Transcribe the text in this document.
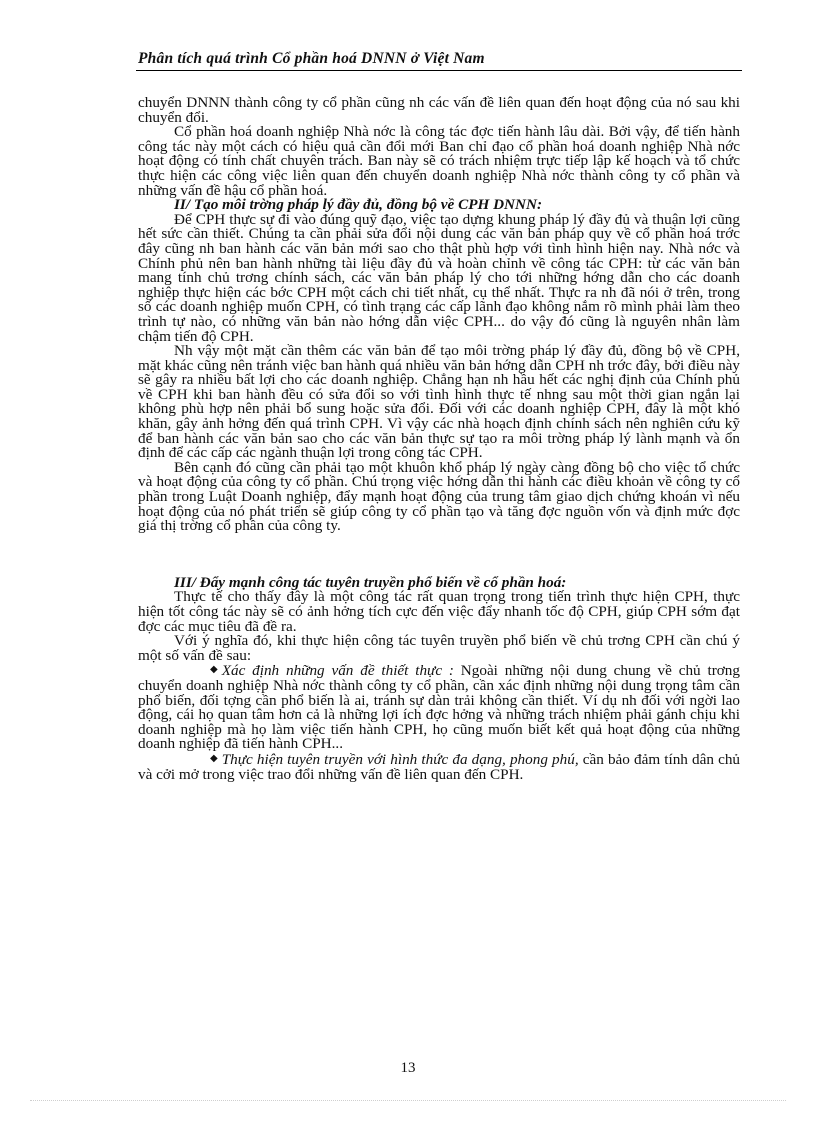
Phân tích quá trình Cổ phần hoá DNNN ở Việt Nam

chuyển DNNN thành công ty cổ phần cũng nh các vấn đề liên quan đến hoạt động của nó sau khi chuyển đổi.

Cổ phần hoá doanh nghiệp Nhà nớc là công tác đợc tiến hành lâu dài. Bởi vậy, để tiến hành công tác này một cách có hiệu quả cần đổi mới Ban chỉ đạo cổ phần hoá doanh nghiệp Nhà nớc hoạt động có tính chất chuyên trách. Ban này sẽ có trách nhiệm trực tiếp lập kế hoạch và tổ chức thực hiện các công việc liên quan đến chuyển doanh nghiệp Nhà nớc thành công ty cổ phần và những vấn đề hậu cổ phần hoá.

II/ Tạo môi trờng pháp lý đầy đủ, đồng bộ về CPH DNNN:

Để CPH thực sự đi vào đúng quỹ đạo, việc tạo dựng khung pháp lý đầy đủ và thuận lợi cũng hết sức cần thiết. Chúng ta cần phải sửa đổi nội dung các văn bản pháp quy về cổ phần hoá trớc đây cũng nh ban hành các văn bản mới sao cho thật phù hợp với tình hình hiện nay. Nhà nớc và Chính phủ nên ban hành những tài liệu đầy đủ và hoàn chỉnh về công tác CPH: từ các văn bản mang tính chủ trơng chính sách, các văn bản pháp lý cho tới những hớng dẫn cho các doanh nghiệp thực hiện các bớc CPH một cách chi tiết nhất, cụ thể nhất. Thực ra nh đã nói ở trên, trong số các doanh nghiệp muốn CPH, có tình trạng các cấp lãnh đạo không nắm rõ mình phải làm theo trình tự nào, có những văn bản nào hớng dẫn việc CPH... do vậy đó cũng là nguyên nhân làm chậm tiến độ CPH.

Nh vậy một mặt cần thêm các văn bản để tạo môi trờng pháp lý đầy đủ, đồng bộ về CPH, mặt khác cũng nên tránh việc ban hành quá nhiều văn bản hớng dẫn CPH nh trớc đây, bởi điều này sẽ gây ra nhiều bất lợi cho các doanh nghiệp. Chẳng hạn nh hầu hết các nghị định của Chính phủ về CPH khi ban hành đều có sửa đổi so với tình hình thực tế nhng sau một thời gian ngắn lại không phù hợp nên phải bổ sung hoặc sửa đổi. Đối với các doanh nghiệp CPH, đây là một khó khăn, gây ảnh hởng đến quá trình CPH. Vì vậy các nhà hoạch định chính sách nên nghiên cứu kỹ để ban hành các văn bản sao cho các văn bản thực sự tạo ra môi trờng pháp lý lành mạnh và ổn định để các cấp các ngành thuận lợi trong công tác CPH.

Bên cạnh đó cũng cần phải tạo một khuôn khổ pháp lý ngày càng đồng bộ cho việc tổ chức và hoạt động của công ty cổ phần. Chú trọng việc hớng dẫn thi hành các điều khoản về công ty cổ phần trong Luật Doanh nghiệp, đẩy mạnh hoạt động của trung tâm giao dịch chứng khoán vì nếu hoạt động của nó phát triển sẽ giúp công ty cổ phần tạo và tăng đợc nguồn vốn và định mức đợc giá thị trờng cổ phần của công ty.

III/ Đẩy mạnh công tác tuyên truyền phổ biến về cổ phần hoá:

Thực tế cho thấy đây là một công tác rất quan trọng trong tiến trình thực hiện CPH, thực hiện tốt công tác này sẽ có ảnh hởng tích cực đến việc đẩy nhanh tốc độ CPH, giúp CPH sớm đạt đợc các mục tiêu đã đề ra.

Với ý nghĩa đó, khi thực hiện công tác tuyên truyền phổ biến về chủ trơng CPH cần chú ý một số vấn đề sau:

◆ Xác định những vấn đề thiết thực : Ngoài những nội dung chung về chủ trơng chuyển doanh nghiệp Nhà nớc thành công ty cổ phần, cần xác định những nội dung trọng tâm cần phổ biến, đối tợng cần phổ biến là ai, tránh sự dàn trải không cần thiết. Ví dụ nh đối với ngời lao động, cái họ quan tâm hơn cả là những lợi ích đợc hởng và những trách nhiệm phải gánh chịu khi doanh nghiệp mà họ làm việc tiến hành CPH, họ cũng muốn biết kết quả hoạt động của những doanh nghiệp đã tiến hành CPH...

◆ Thực hiện tuyên truyền với hình thức đa dạng, phong phú, cần bảo đảm tính dân chủ và cởi mở trong việc trao đổi những vấn đề liên quan đến CPH.

13
